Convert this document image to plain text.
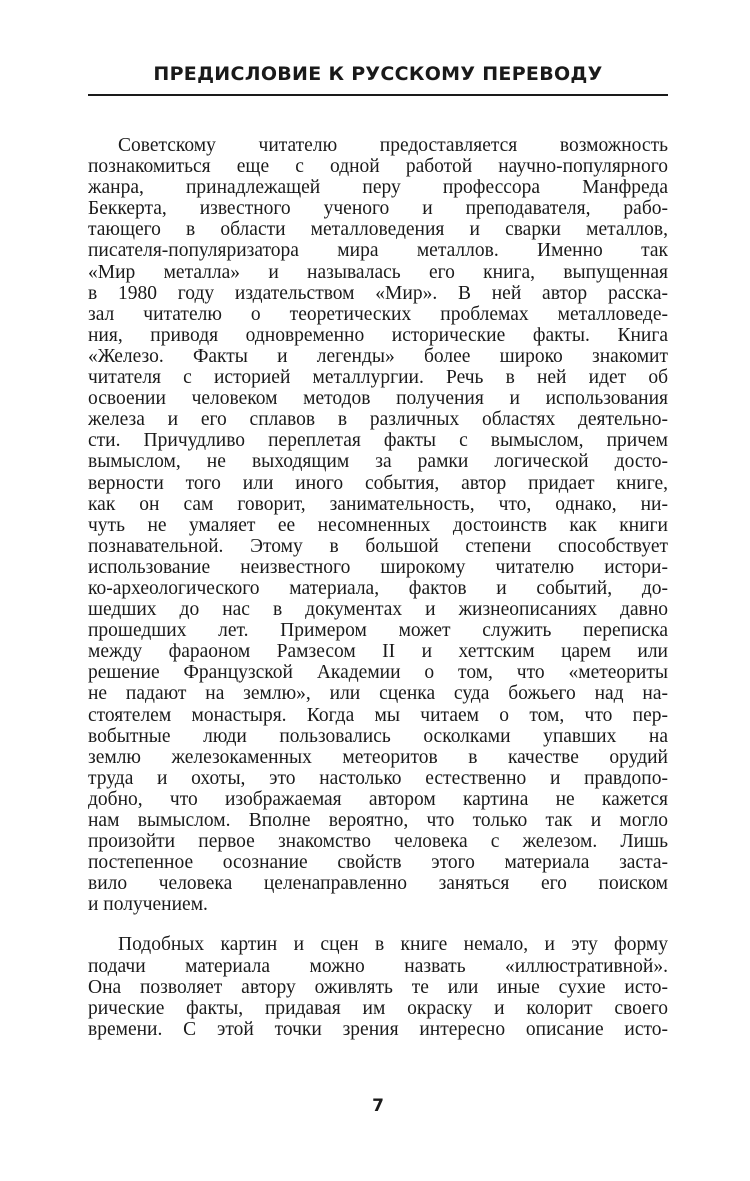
ПРЕДИСЛОВИЕ К РУССКОМУ ПЕРЕВОДУ
Советскому читателю предоставляется возможность
познакомиться еще с одной работой научно-популярного
жанра, принадлежащей перу профессора Манфреда
Беккерта, известного ученого и преподавателя, рабо-
тающего в области металловедения и сварки металлов,
писателя-популяризатора мира металлов. Именно так
«Мир металла» и называлась его книга, выпущенная
в 1980 году издательством «Мир». В ней автор расска-
зал читателю о теоретических проблемах металловеде-
ния, приводя одновременно исторические факты. Книга
«Железо. Факты и легенды» более широко знакомит
читателя с историей металлургии. Речь в ней идет об
освоении человеком методов получения и использования
железа и его сплавов в различных областях деятельно-
сти. Причудливо переплетая факты с вымыслом, причем
вымыслом, не выходящим за рамки логической досто-
верности того или иного события, автор придает книге,
как он сам говорит, занимательность, что, однако, ни-
чуть не умаляет ее несомненных достоинств как книги
познавательной. Этому в большой степени способствует
использование неизвестного широкому читателю истори-
ко-археологического материала, фактов и событий, до-
шедших до нас в документах и жизнеописаниях давно
прошедших лет. Примером может служить переписка
между фараоном Рамзесом II и хеттским царем или
решение Французской Академии о том, что «метеориты
не падают на землю», или сценка суда божьего над на-
стоятелем монастыря. Когда мы читаем о том, что пер-
вобытные люди пользовались осколками упавших на
землю железокаменных метеоритов в качестве орудий
труда и охоты, это настолько естественно и правдопо-
добно, что изображаемая автором картина не кажется
нам вымыслом. Вполне вероятно, что только так и могло
произойти первое знакомство человека с железом. Лишь
постепенное осознание свойств этого материала заста-
вило человека целенаправленно заняться его поиском
и получением.
Подобных картин и сцен в книге немало, и эту форму
подачи материала можно назвать «иллюстративной».
Она позволяет автору оживлять те или иные сухие исто-
рические факты, придавая им окраску и колорит своего
времени. С этой точки зрения интересно описание исто-
7
